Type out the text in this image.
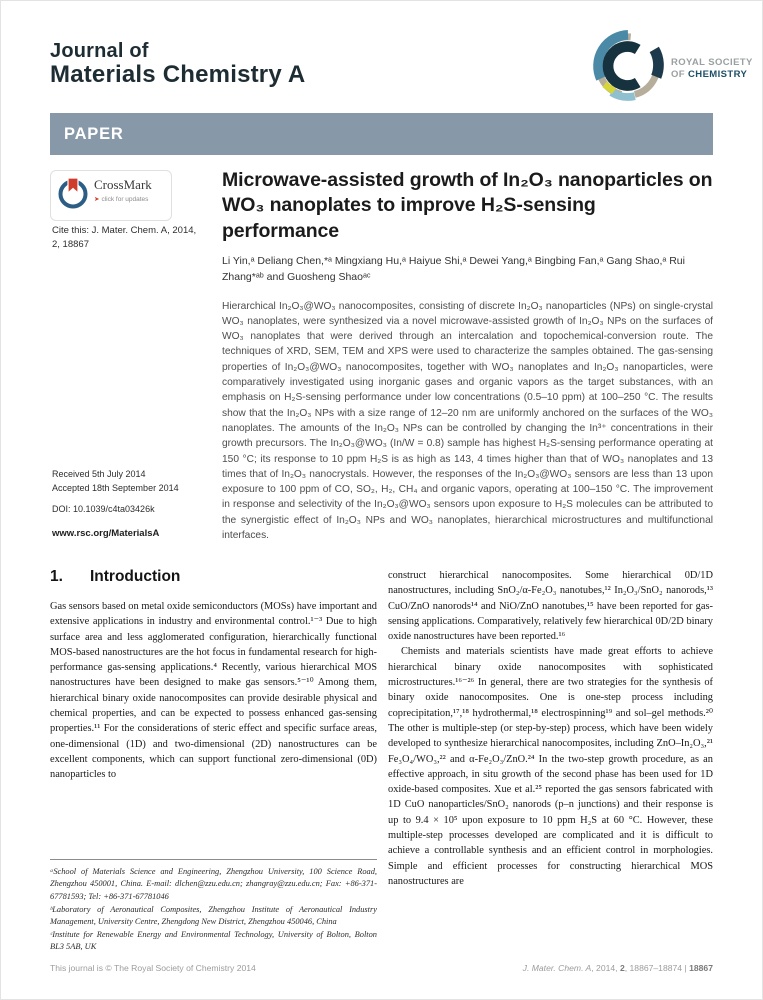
Journal of
Materials Chemistry A	ROYAL SOCIETY
OF CHEMISTRY
PAPER
CrossMark
➤ click for updates
Cite this: J. Mater. Chem. A, 2014, 2, 18867
Received 5th July 2014
Accepted 18th September 2014
DOI: 10.1039/c4ta03426k
www.rsc.org/MaterialsA
Microwave-assisted growth of In₂O₃ nanoparticles on WO₃ nanoplates to improve H₂S-sensing performance
Li Yin,ᵃ Deliang Chen,*ᵃ Mingxiang Hu,ᵃ Haiyue Shi,ᵃ Dewei Yang,ᵃ Bingbing Fan,ᵃ Gang Shao,ᵃ Rui Zhang*ᵃᵇ and Guosheng Shaoᵃᶜ
Hierarchical In₂O₃@WO₃ nanocomposites, consisting of discrete In₂O₃ nanoparticles (NPs) on single-crystal WO₃ nanoplates, were synthesized via a novel microwave-assisted growth of In₂O₃ NPs on the surfaces of WO₃ nanoplates that were derived through an intercalation and topochemical-conversion route. The techniques of XRD, SEM, TEM and XPS were used to characterize the samples obtained. The gas-sensing properties of In₂O₃@WO₃ nanocomposites, together with WO₃ nanoplates and In₂O₃ nanoparticles, were comparatively investigated using inorganic gases and organic vapors as the target substances, with an emphasis on H₂S-sensing performance under low concentrations (0.5–10 ppm) at 100–250 °C. The results show that the In₂O₃ NPs with a size range of 12–20 nm are uniformly anchored on the surfaces of the WO₃ nanoplates. The amounts of the In₂O₃ NPs can be controlled by changing the In³⁺ concentrations in their growth precursors. The In₂O₃@WO₃ (In/W = 0.8) sample has highest H₂S-sensing performance operating at 150 °C; its response to 10 ppm H₂S is as high as 143, 4 times higher than that of WO₃ nanoplates and 13 times that of In₂O₃ nanocrystals. However, the responses of the In₂O₃@WO₃ sensors are less than 13 upon exposure to 100 ppm of CO, SO₂, H₂, CH₄ and organic vapors, operating at 100–150 °C. The improvement in response and selectivity of the In₂O₃@WO₃ sensors upon exposure to H₂S molecules can be attributed to the synergistic effect of In₂O₃ NPs and WO₃ nanoplates, hierarchical microstructures and multifunctional interfaces.
1. Introduction
Gas sensors based on metal oxide semiconductors (MOSs) have important and extensive applications in industry and environmental control.¹⁻³ Due to high surface area and less agglomerated configuration, hierarchically functional MOS-based nanostructures are the hot focus in fundamental research for high-performance gas-sensing applications.⁴ Recently, various hierarchical MOS nanostructures have been designed to make gas sensors.⁵⁻¹⁰ Among them, hierarchical binary oxide nanocomposites can provide desirable physical and chemical properties, and can be expected to possess enhanced gas-sensing properties.¹¹ For the considerations of steric effect and specific surface areas, one-dimensional (1D) and two-dimensional (2D) nanostructures can be excellent components, which can support functional zero-dimensional (0D) nanoparticles to
ᵃSchool of Materials Science and Engineering, Zhengzhou University, 100 Science Road, Zhengzhou 450001, China. E-mail: dlchen@zzu.edu.cn; zhangray@zzu.edu.cn; Fax: +86-371-67781593; Tel: +86-371-67781046
ᵇLaboratory of Aeronautical Composites, Zhengzhou Institute of Aeronautical Industry Management, University Centre, Zhengdong New District, Zhengzhou 450046, China
ᶜInstitute for Renewable Energy and Environmental Technology, University of Bolton, Bolton BL3 5AB, UK
construct hierarchical nanocomposites. Some hierarchical 0D/1D nanostructures, including SnO₂/α-Fe₂O₃ nanotubes,¹² In₂O₃/SnO₂ nanorods,¹³ CuO/ZnO nanorods¹⁴ and NiO/ZnO nanotubes,¹⁵ have been reported for gas-sensing applications. Comparatively, relatively few hierarchical 0D/2D binary oxide nanostructures have been reported.¹⁶
Chemists and materials scientists have made great efforts to achieve hierarchical binary oxide nanocomposites with sophisticated microstructures.¹⁶⁻²⁶ In general, there are two strategies for the synthesis of binary oxide nanocomposites. One is one-step process including coprecipitation,¹⁷,¹⁸ hydrothermal,¹⁸ electrospinning¹⁹ and sol–gel methods.²⁰ The other is multiple-step (or step-by-step) process, which have been widely developed to synthesize hierarchical nanocomposites, including ZnO–In₂O₃,²¹ Fe₃O₄/WO₃,²² and α-Fe₂O₃/ZnO.²⁴ In the two-step growth procedure, as an effective approach, in situ growth of the second phase has been used for 1D oxide-based composites. Xue et al.²⁵ reported the gas sensors fabricated with 1D CuO nanoparticles/SnO₂ nanorods (p–n junctions) and their response is up to 9.4 × 10⁵ upon exposure to 10 ppm H₂S at 60 °C. However, these multiple-step processes developed are complicated and it is difficult to achieve a controllable synthesis and an efficient control in morphologies. Simple and efficient processes for constructing hierarchical MOS nanostructures are
This journal is © The Royal Society of Chemistry 2014	J. Mater. Chem. A, 2014, 2, 18867–18874 | 18867
